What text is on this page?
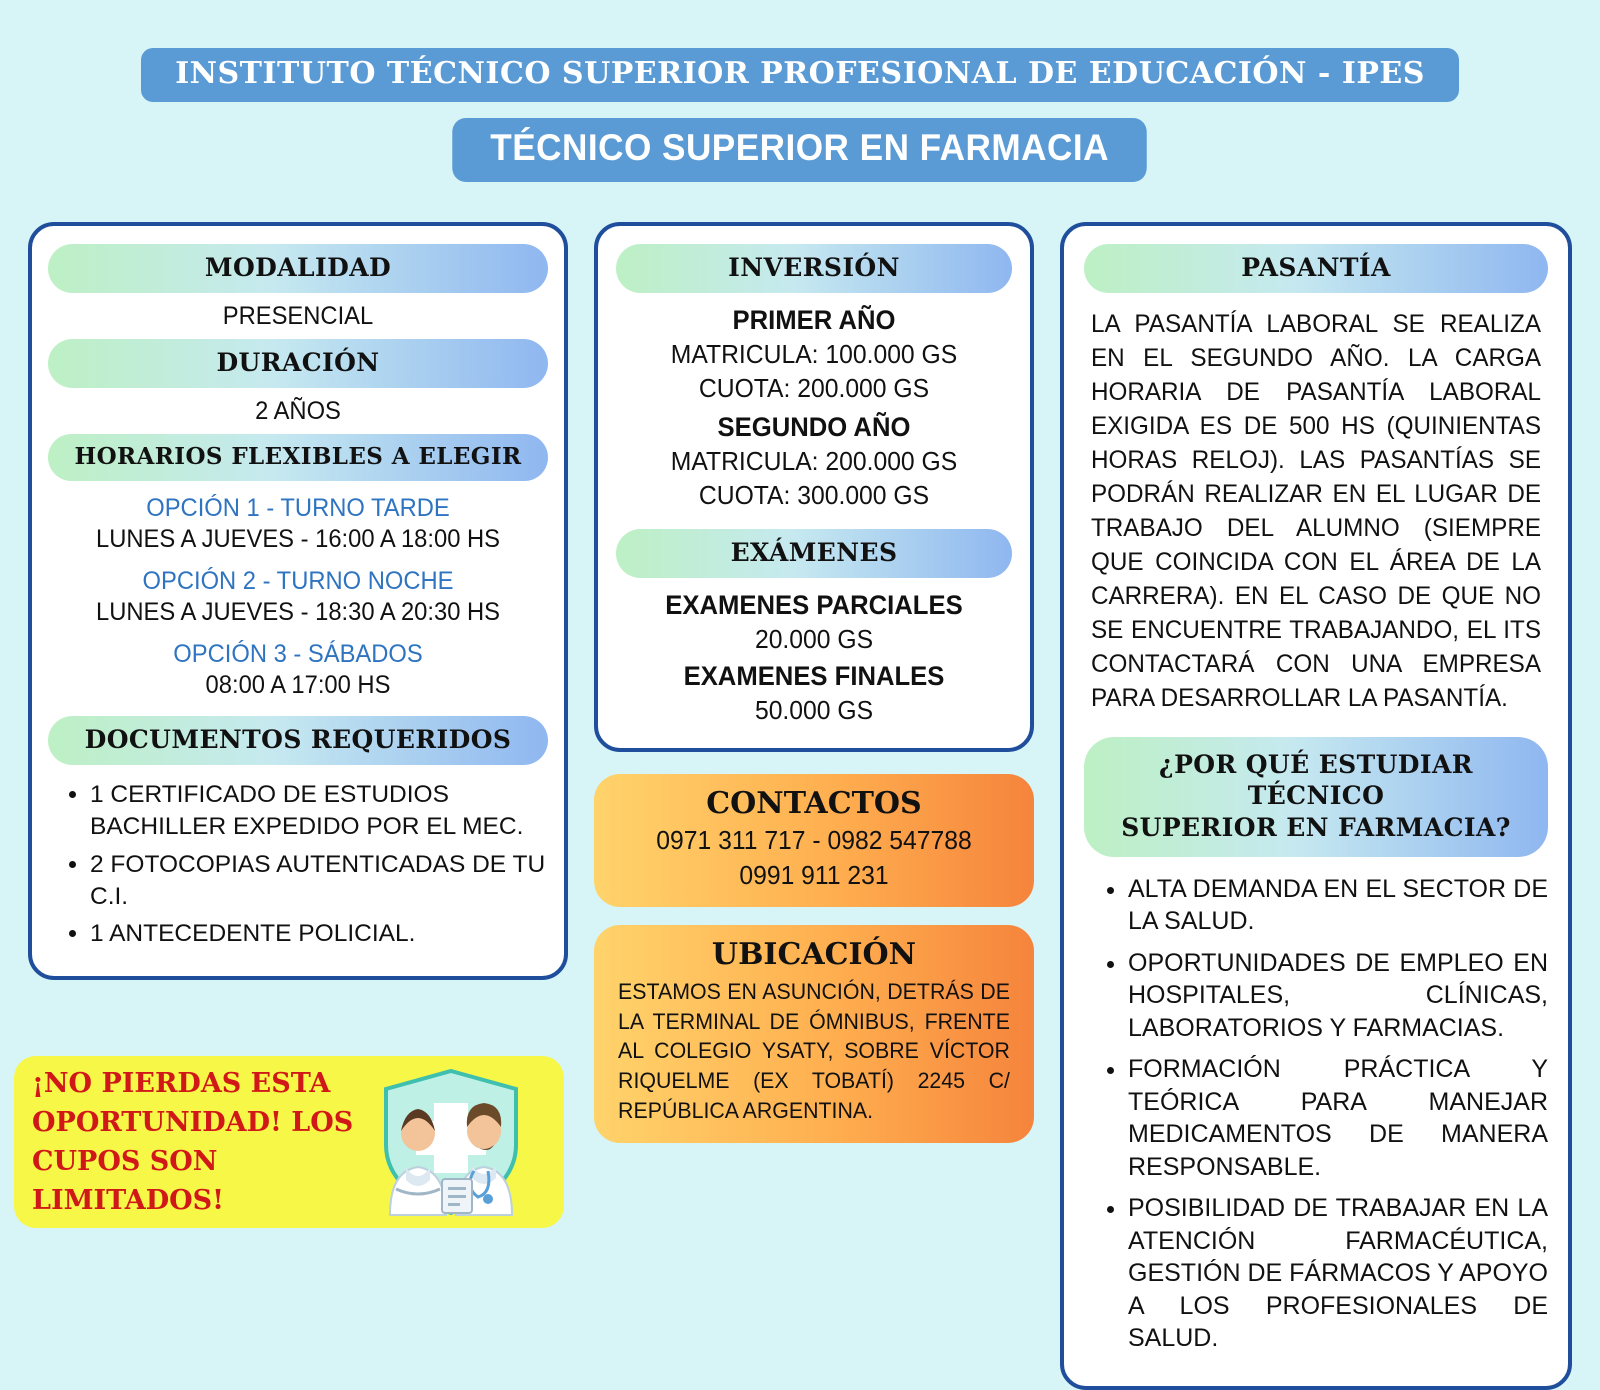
INSTITUTO TÉCNICO SUPERIOR PROFESIONAL DE EDUCACIÓN - IPES
TÉCNICO SUPERIOR EN FARMACIA
MODALIDAD
PRESENCIAL
DURACIÓN
2 AÑOS
HORARIOS FLEXIBLES A ELEGIR
OPCIÓN 1 - TURNO TARDE
LUNES A JUEVES - 16:00 A 18:00 HS
OPCIÓN 2 - TURNO NOCHE
LUNES A JUEVES - 18:30 A 20:30 HS
OPCIÓN 3 - SÁBADOS
08:00 A 17:00 HS
DOCUMENTOS REQUERIDOS
• 1 CERTIFICADO DE ESTUDIOS BACHILLER EXPEDIDO POR EL MEC.
• 2 FOTOCOPIAS AUTENTICADAS DE TU C.I.
• 1 ANTECEDENTE POLICIAL.
INVERSIÓN
PRIMER AÑO
MATRICULA: 100.000 GS
CUOTA: 200.000 GS
SEGUNDO AÑO
MATRICULA: 200.000 GS
CUOTA: 300.000 GS
EXÁMENES
EXAMENES PARCIALES
20.000 GS
EXAMENES FINALES
50.000 GS
CONTACTOS
0971 311 717 - 0982 547788
0991 911 231
UBICACIÓN
ESTAMOS EN ASUNCIÓN, DETRÁS DE LA TERMINAL DE ÓMNIBUS, FRENTE AL COLEGIO YSATY, SOBRE VÍCTOR RIQUELME (EX TOBATÍ) 2245 C/ REPÚBLICA ARGENTINA.
PASANTÍA
LA PASANTÍA LABORAL SE REALIZA EN EL SEGUNDO AÑO. LA CARGA HORARIA DE PASANTÍA LABORAL EXIGIDA ES DE 500 HS (QUINIENTAS HORAS RELOJ). LAS PASANTÍAS SE PODRÁN REALIZAR EN EL LUGAR DE TRABAJO DEL ALUMNO (SIEMPRE QUE COINCIDA CON EL ÁREA DE LA CARRERA). EN EL CASO DE QUE NO SE ENCUENTRE TRABAJANDO, EL ITS CONTACTARÁ CON UNA EMPRESA PARA DESARROLLAR LA PASANTÍA.
¿POR QUÉ ESTUDIAR TÉCNICO
SUPERIOR EN FARMACIA?
• ALTA DEMANDA EN EL SECTOR DE LA SALUD.
• OPORTUNIDADES DE EMPLEO EN HOSPITALES, CLÍNICAS, LABORATORIOS Y FARMACIAS.
• FORMACIÓN PRÁCTICA Y TEÓRICA PARA MANEJAR MEDICAMENTOS DE MANERA RESPONSABLE.
• POSIBILIDAD DE TRABAJAR EN LA ATENCIÓN FARMACÉUTICA, GESTIÓN DE FÁRMACOS Y APOYO A LOS PROFESIONALES DE SALUD.
¡NO PIERDAS ESTA
OPORTUNIDAD! LOS
CUPOS SON LIMITADOS!
